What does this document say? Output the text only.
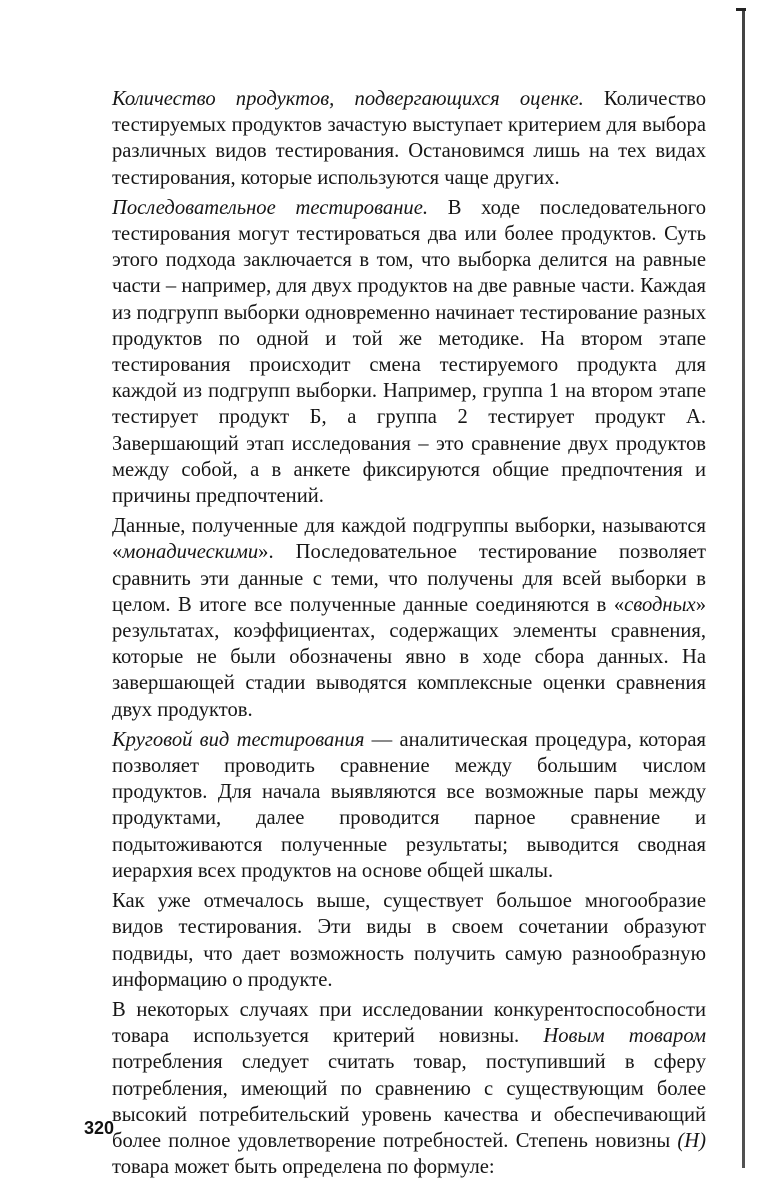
Количество продуктов, подвергающихся оценке. Количество тестируемых продуктов зачастую выступает критерием для выбора различных видов тестирования. Остановимся лишь на тех видах тестирования, которые используются чаще других.

Последовательное тестирование. В ходе последовательного тестирования могут тестироваться два или более продуктов. Суть этого подхода заключается в том, что выборка делится на равные части – например, для двух продуктов на две равные части. Каждая из подгрупп выборки одновременно начинает тестирование разных продуктов по одной и той же методике. На втором этапе тестирования происходит смена тестируемого продукта для каждой из подгрупп выборки. Например, группа 1 на втором этапе тестирует продукт Б, а группа 2 тестирует продукт А. Завершающий этап исследования – это сравнение двух продуктов между собой, а в анкете фиксируются общие предпочтения и причины предпочтений.

Данные, полученные для каждой подгруппы выборки, называются «монадическими». Последовательное тестирование позволяет сравнить эти данные с теми, что получены для всей выборки в целом. В итоге все полученные данные соединяются в «сводных» результатах, коэффициентах, содержащих элементы сравнения, которые не были обозначены явно в ходе сбора данных. На завершающей стадии выводятся комплексные оценки сравнения двух продуктов.

Круговой вид тестирования — аналитическая процедура, которая позволяет проводить сравнение между большим числом продуктов. Для начала выявляются все возможные пары между продуктами, далее проводится парное сравнение и подытоживаются полученные результаты; выводится сводная иерархия всех продуктов на основе общей шкалы.

Как уже отмечалось выше, существует большое многообразие видов тестирования. Эти виды в своем сочетании образуют подвиды, что дает возможность получить самую разнообразную информацию о продукте.

В некоторых случаях при исследовании конкурентоспособности товара используется критерий новизны. Новым товаром потребления следует считать товар, поступивший в сферу потребления, имеющий по сравнению с существующим более высокий потребительский уровень качества и обеспечивающий более полное удовлетворение потребностей. Степень новизны (Н) товара может быть определена по формуле:

320
